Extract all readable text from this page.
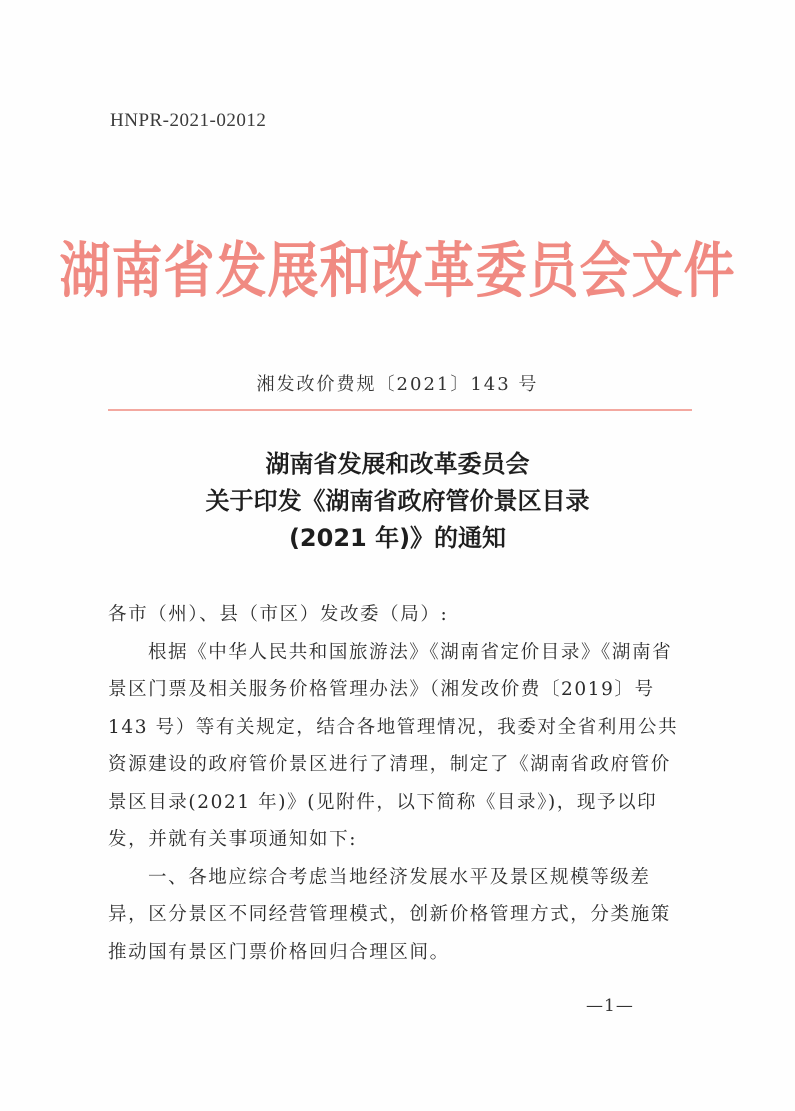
HNPR-2021-02012
湖南省发展和改革委员会文件
湘发改价费规〔2021〕143 号
湖南省发展和改革委员会
关于印发《湖南省政府管价景区目录
(2021 年)》的通知

各市（州）、县（市区）发改委（局）:

根据《中华人民共和国旅游法》《湖南省定价目录》《湖南省景区门票及相关服务价格管理办法》（湘发改价费〔2019〕号 143 号）等有关规定，结合各地管理情况，我委对全省利用公共资源建设的政府管价景区进行了清理，制定了《湖南省政府管价景区目录(2021 年)》(见附件，以下简称《目录》)，现予以印发，并就有关事项通知如下:

一、各地应综合考虑当地经济发展水平及景区规模等级差异，区分景区不同经营管理模式，创新价格管理方式，分类施策推动国有景区门票价格回归合理区间。

—1—
